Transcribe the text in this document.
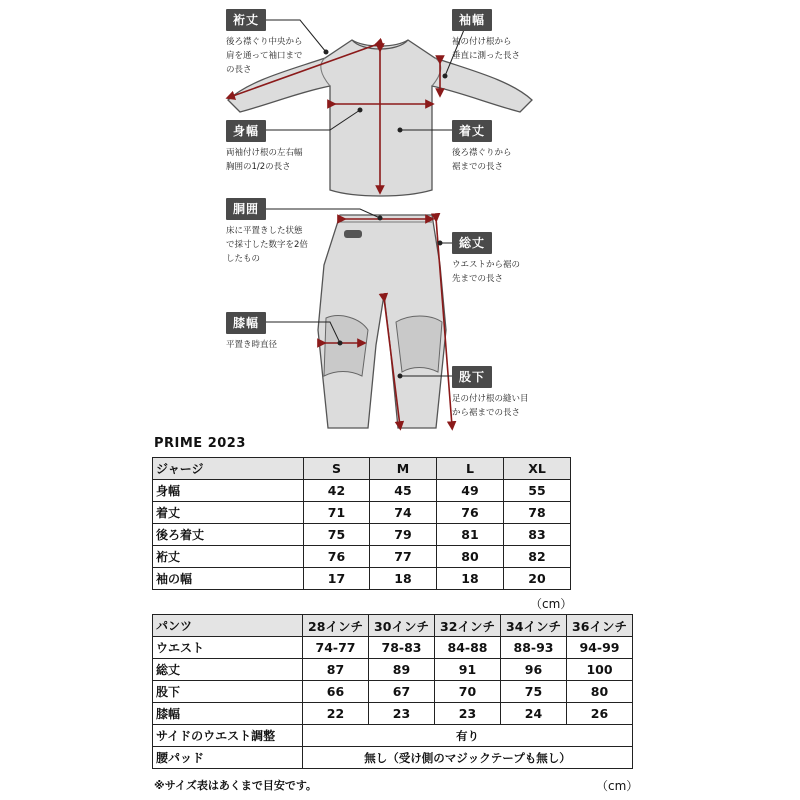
裄丈
後ろ襟ぐり中央から
肩を通って袖口まで
の長さ
袖幅
袖の付け根から
垂直に測った長さ
身幅
両袖付け根の左右幅
胸囲の1/2の長さ
着丈
後ろ襟ぐりから
裾までの長さ
胴囲
床に平置きした状態
で採寸した数字を2倍
したもの
総丈
ウエストから裾の
先までの長さ
膝幅
平置き時直径
股下
足の付け根の縫い目
から裾までの長さ
PRIME 2023
ジャージ	S	M	L	XL
身幅	42	45	49	55
着丈	71	74	76	78
後ろ着丈	75	79	81	83
裄丈	76	77	80	82
袖の幅	17	18	18	20
（cm）
パンツ	28インチ	30インチ	32インチ	34インチ	36インチ
ウエスト	74-77	78-83	84-88	88-93	94-99
総丈	87	89	91	96	100
股下	66	67	70	75	80
膝幅	22	23	23	24	26
サイドのウエスト調整	有り				
腰パッド	無し（受け側のマジックテープも無し）				
※サイズ表はあくまで目安です。	（cm）
